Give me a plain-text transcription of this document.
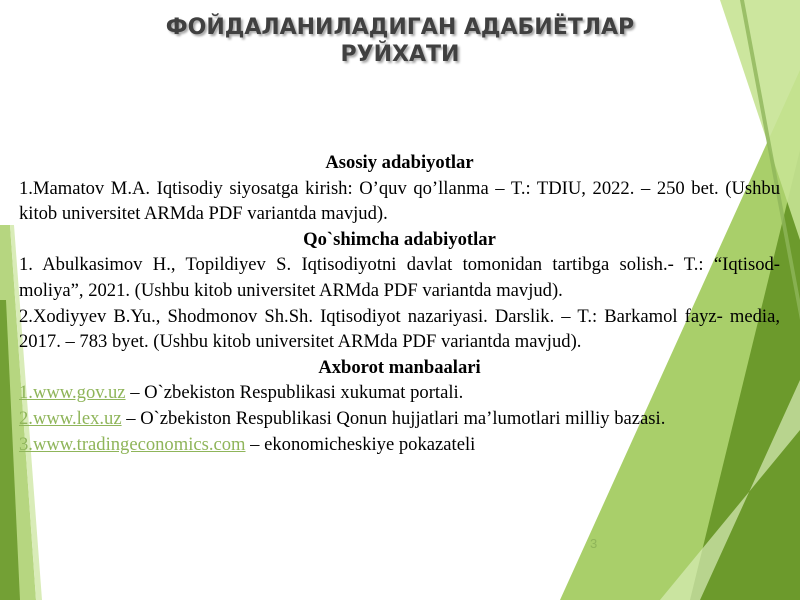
ФОЙДАЛАНИЛАДИГАН АДАБИЁТЛАР
РУЙХАТИ
Asosiy adabiyotlar
1.Mamatov M.A. Iqtisodiy siyosatga kirish: O’quv qo’llanma – T.: TDIU, 2022. – 250 bet. (Ushbu kitob universitet ARMda PDF variantda mavjud).
Qo`shimcha adabiyotlar
1. Abulkasimov H., Topildiyev S. Iqtisodiyotni davlat tomonidan tartibga solish.- T.: “Iqtisod-moliya”, 2021. (Ushbu kitob universitet ARMda PDF variantda mavjud).
2.Xodiyyev B.Yu., Shodmonov Sh.Sh. Iqtisodiyot nazariyasi. Darslik. – T.: Barkamol fayz- media, 2017. – 783 byet. (Ushbu kitob universitet ARMda PDF variantda mavjud).
Axborot manbaalari
1.www.gov.uz – O`zbekiston Respublikasi xukumat portali.
2.www.lex.uz – O`zbekiston Respublikasi Qonun hujjatlari ma’lumotlari milliy bazasi.
3.www.tradingeconomics.com – ekonomicheskiye pokazateli
3
